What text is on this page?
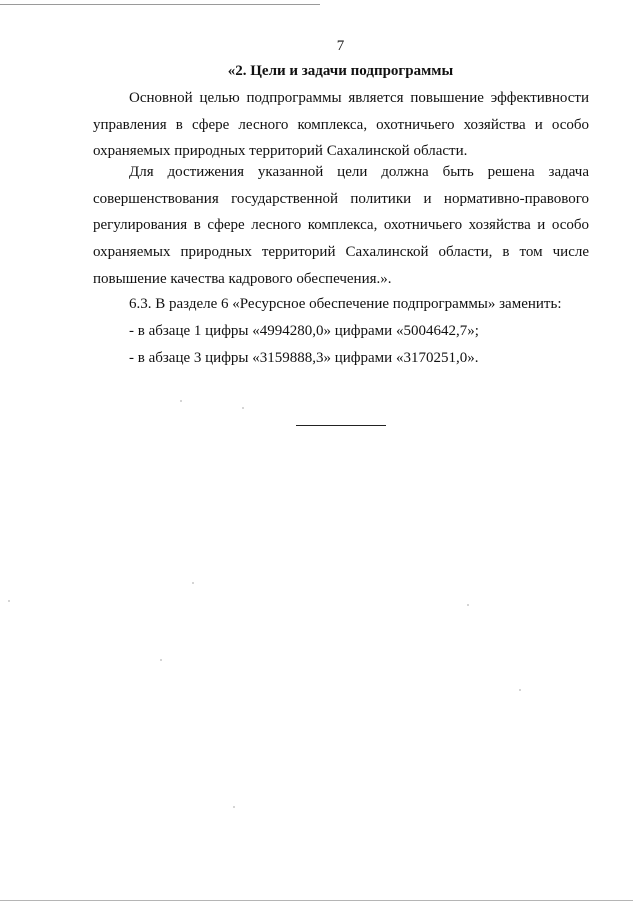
7
«2. Цели и задачи подпрограммы
Основной целью подпрограммы является повышение эффективности управления в сфере лесного комплекса, охотничьего хозяйства и особо охраняемых природных территорий Сахалинской области.
Для достижения указанной цели должна быть решена задача совершенствования государственной политики и нормативно-правового регулирования в сфере лесного комплекса, охотничьего хозяйства и особо охраняемых природных территорий Сахалинской области, в том числе повышение качества кадрового обеспечения.».
6.3. В разделе 6 «Ресурсное обеспечение подпрограммы» заменить:
- в абзаце 1 цифры «4994280,0» цифрами «5004642,7»;
- в абзаце 3 цифры «3159888,3» цифрами «3170251,0».
